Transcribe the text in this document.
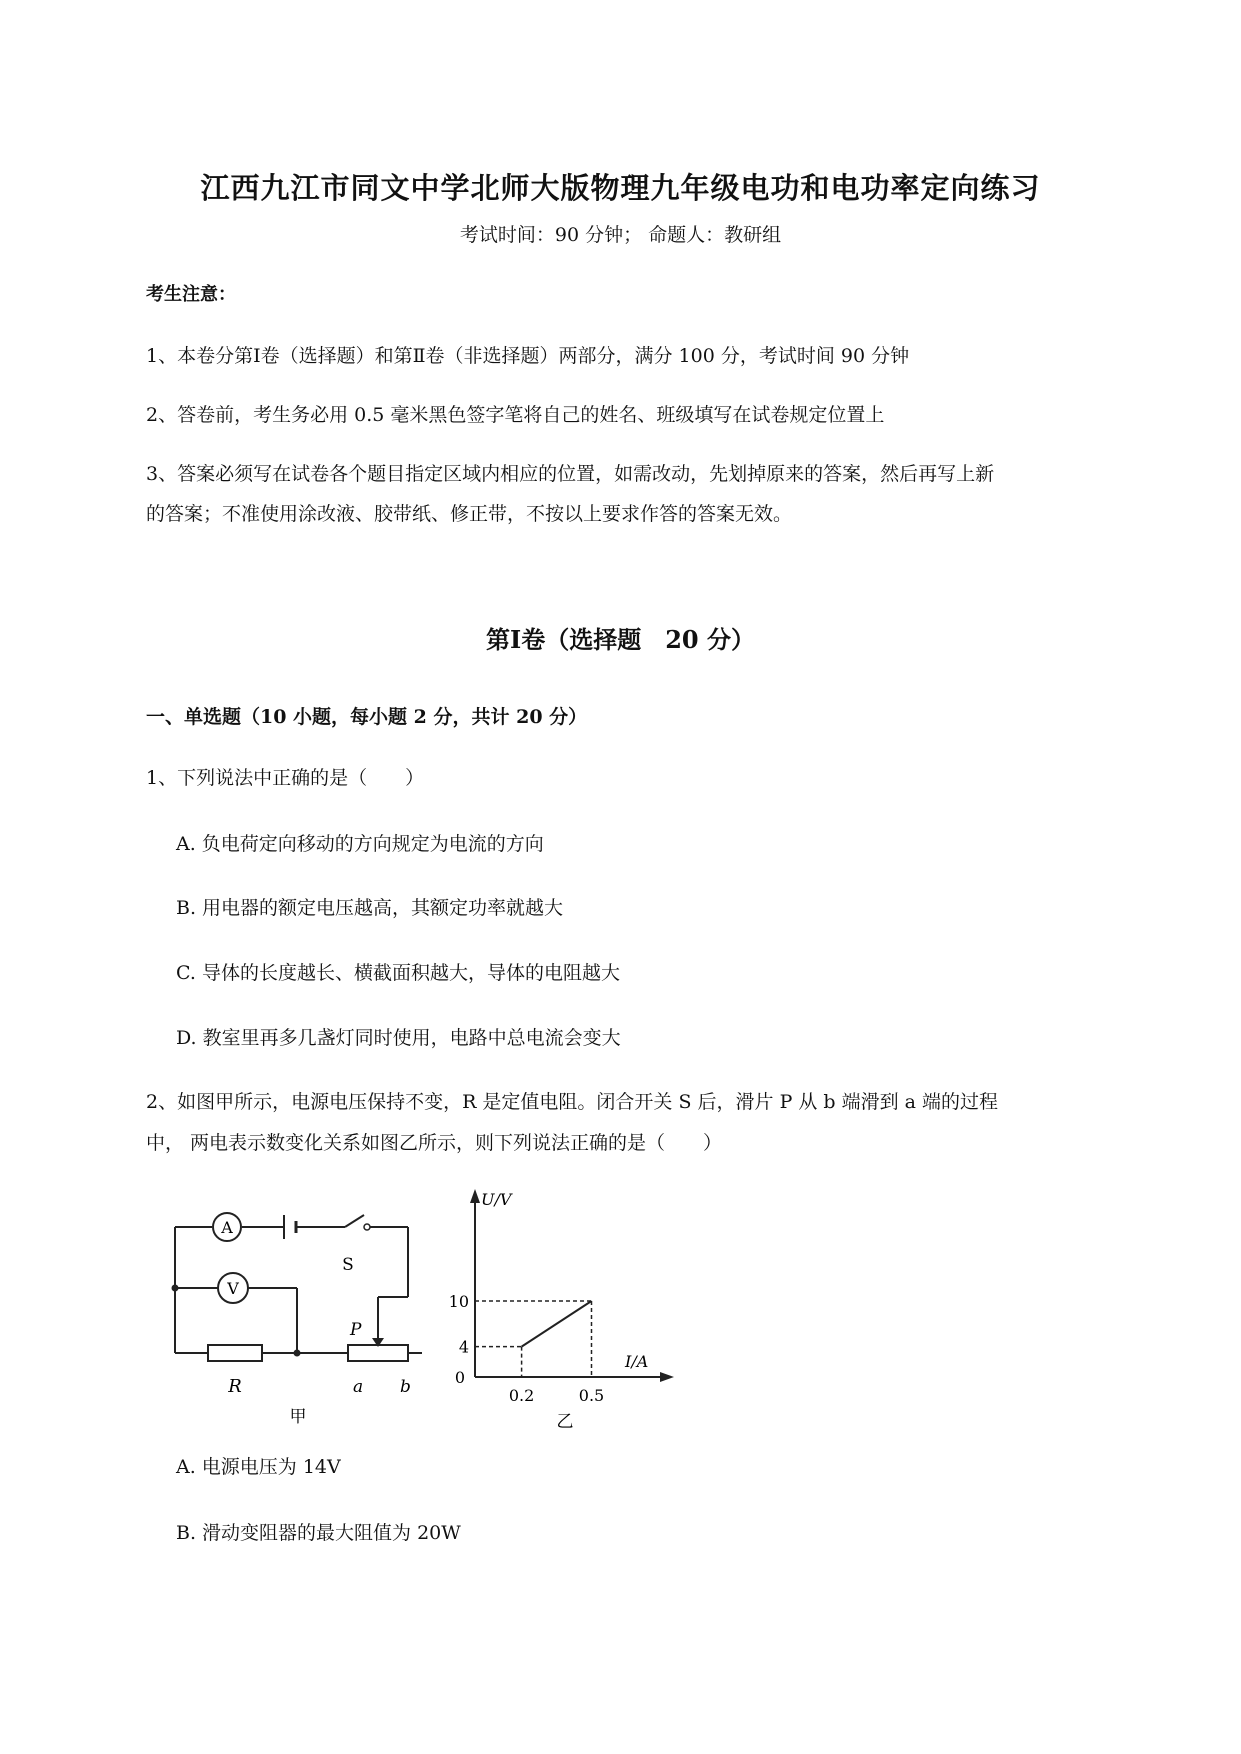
江西九江市同文中学北师大版物理九年级电功和电功率定向练习
考试时间：90 分钟； 命题人：教研组
考生注意：
1、本卷分第Ⅰ卷（选择题）和第Ⅱ卷（非选择题）两部分，满分 100 分，考试时间 90 分钟
2、答卷前，考生务必用 0.5 毫米黑色签字笔将自己的姓名、班级填写在试卷规定位置上
3、答案必须写在试卷各个题目指定区域内相应的位置，如需改动，先划掉原来的答案，然后再写上新
的答案；不准使用涂改液、胶带纸、修正带，不按以上要求作答的答案无效。
第Ⅰ卷（选择题　20 分）
一、单选题（10 小题，每小题 2 分，共计 20 分）
1、下列说法中正确的是（　　）
A. 负电荷定向移动的方向规定为电流的方向
B. 用电器的额定电压越高，其额定功率就越大
C. 导体的长度越长、横截面积越大，导体的电阻越大
D. 教室里再多几盏灯同时使用，电路中总电流会变大
2、如图甲所示，电源电压保持不变，R 是定值电阻。闭合开关 S 后，滑片 P 从 b 端滑到 a 端的过程
中， 两电表示数变化关系如图乙所示，则下列说法正确的是（　　）
A
S
V
R
P
a b
甲
U/V
I/A
0
4
10
0.2	0.5
乙
A. 电源电压为 14V
B. 滑动变阻器的最大阻值为 20W
